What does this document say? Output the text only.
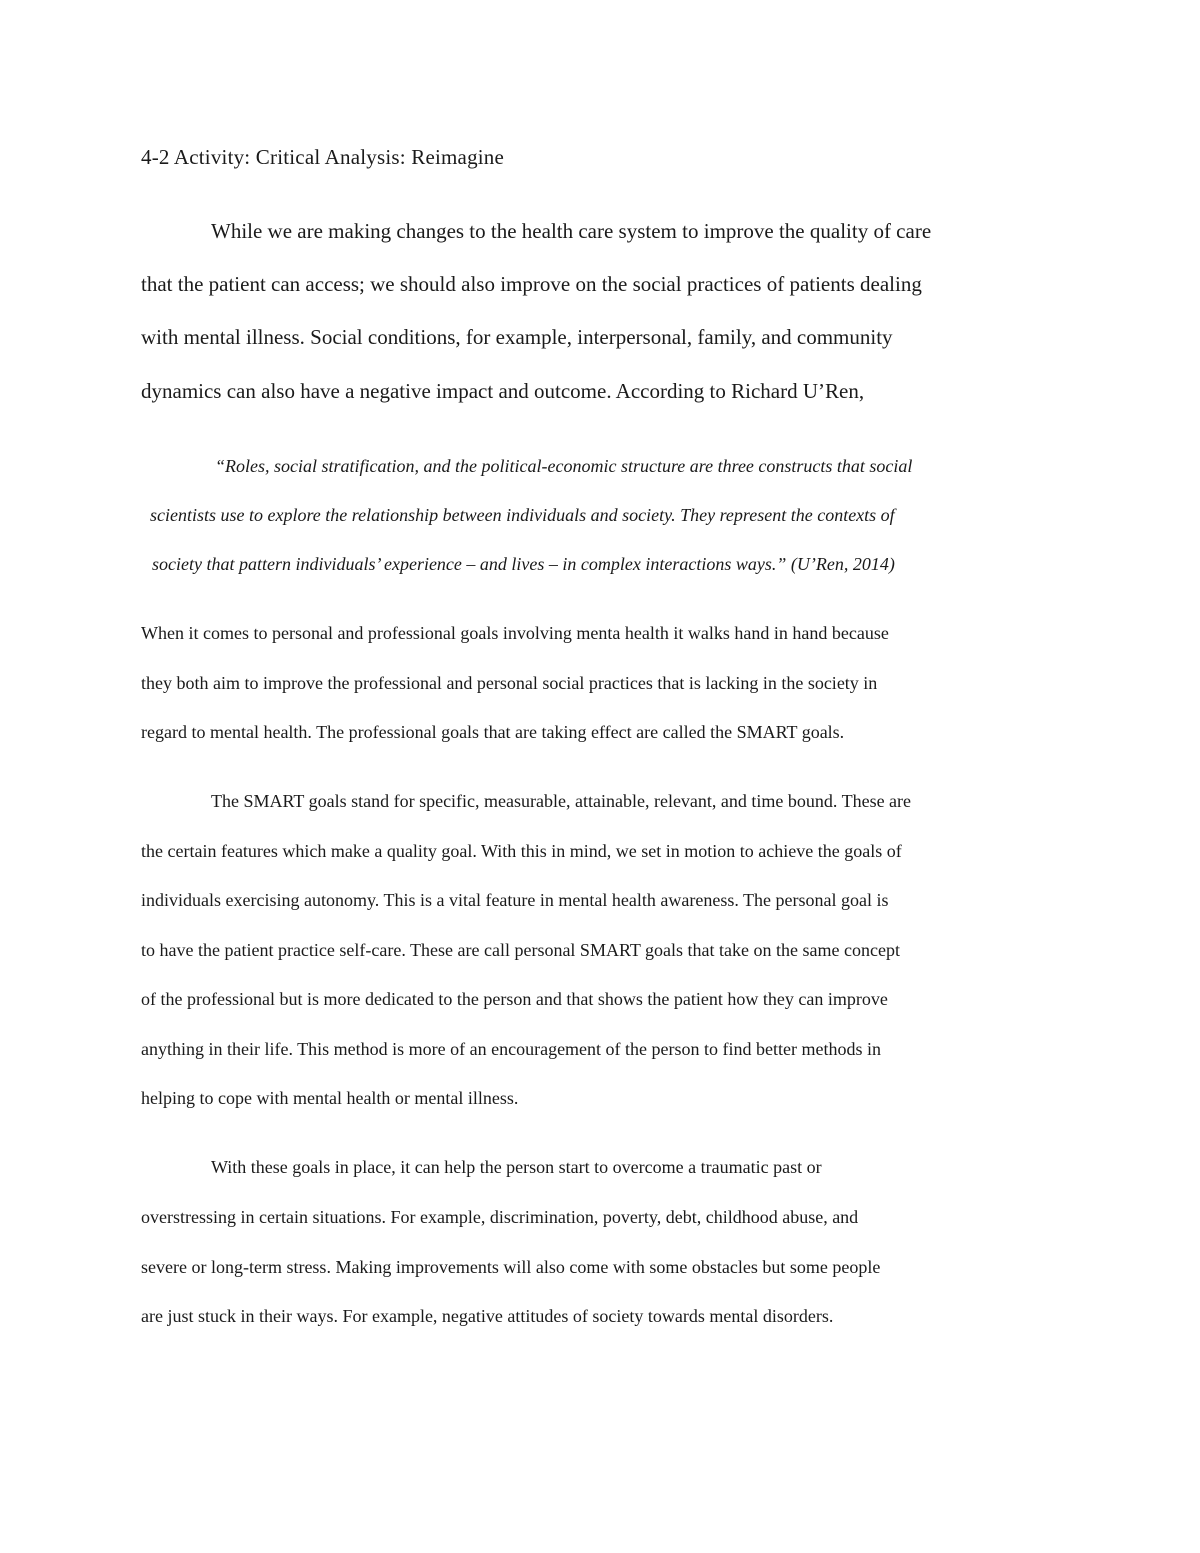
4-2 Activity: Critical Analysis: Reimagine

While we are making changes to the health care system to improve the quality of care

that the patient can access; we should also improve on the social practices of patients dealing

with mental illness. Social conditions, for example, interpersonal, family, and community

dynamics can also have a negative impact and outcome. According to Richard U’Ren,

“Roles, social stratification, and the political-economic structure are three constructs that social

scientists use to explore the relationship between individuals and society. They represent the contexts of

society that pattern individuals’ experience – and lives – in complex interactions ways.” (U’Ren, 2014)

When it comes to personal and professional goals involving menta health it walks hand in hand because

they both aim to improve the professional and personal social practices that is lacking in the society in

regard to mental health. The professional goals that are taking effect are called the SMART goals.

The SMART goals stand for specific, measurable, attainable, relevant, and time bound. These are

the certain features which make a quality goal. With this in mind, we set in motion to achieve the goals of

individuals exercising autonomy. This is a vital feature in mental health awareness. The personal goal is

to have the patient practice self-care. These are call personal SMART goals that take on the same concept

of the professional but is more dedicated to the person and that shows the patient how they can improve

anything in their life. This method is more of an encouragement of the person to find better methods in

helping to cope with mental health or mental illness.

With these goals in place, it can help the person start to overcome a traumatic past or

overstressing in certain situations. For example, discrimination, poverty, debt, childhood abuse, and

severe or long-term stress. Making improvements will also come with some obstacles but some people

are just stuck in their ways. For example, negative attitudes of society towards mental disorders.
